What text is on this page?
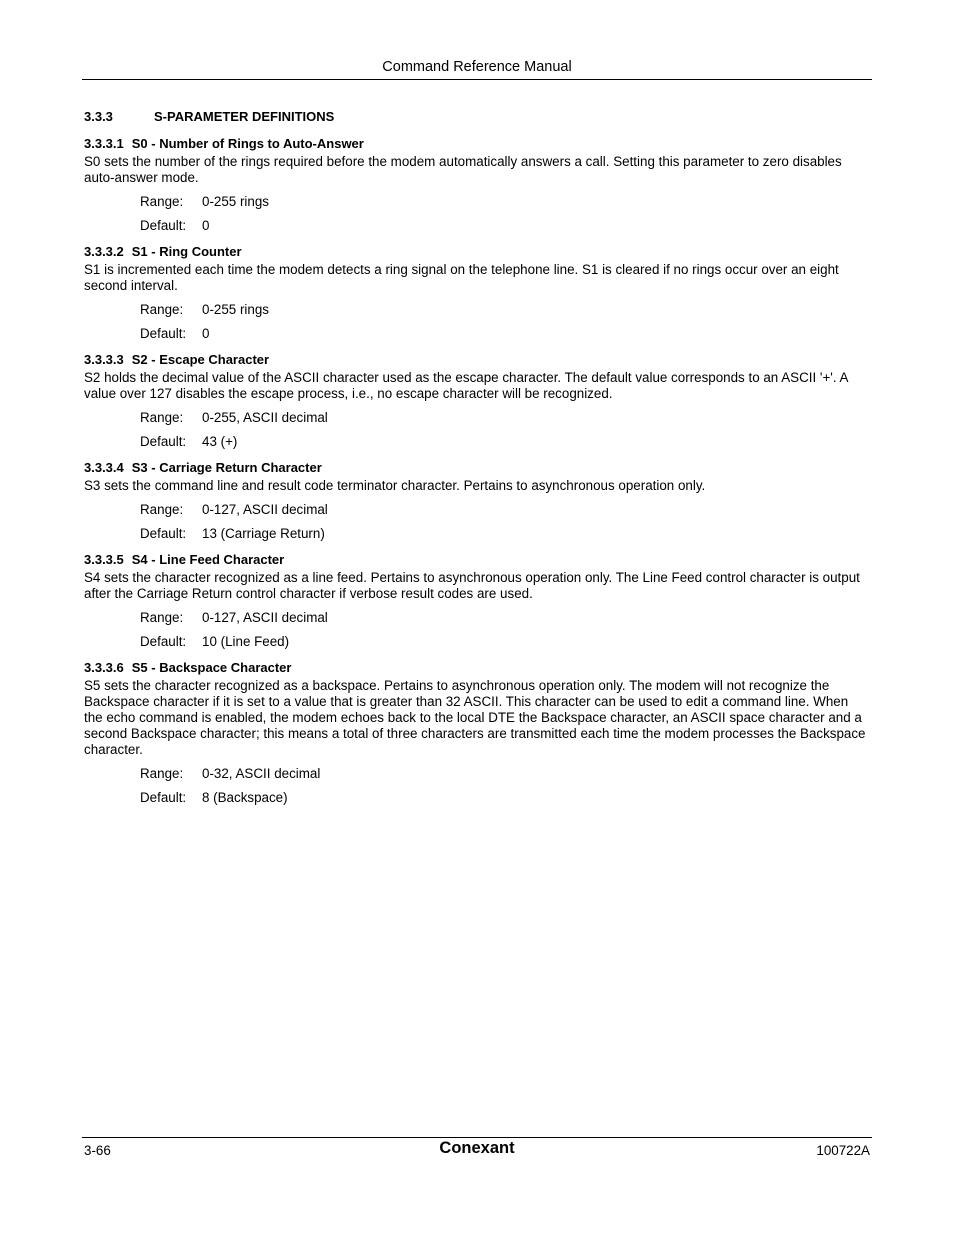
Command Reference Manual
3.3.3	S-PARAMETER DEFINITIONS
3.3.3.1 S0 - Number of Rings to Auto-Answer

S0 sets the number of the rings required before the modem automatically answers a call. Setting this parameter to zero disables auto-answer mode.

Range:	0-255 rings
Default:	0
3.3.3.2 S1 - Ring Counter

S1 is incremented each time the modem detects a ring signal on the telephone line. S1 is cleared if no rings occur over an eight second interval.

Range:	0-255 rings
Default:	0
3.3.3.3 S2 - Escape Character

S2 holds the decimal value of the ASCII character used as the escape character. The default value corresponds to an ASCII '+'. A value over 127 disables the escape process, i.e., no escape character will be recognized.

Range:	0-255, ASCII decimal
Default:	43 (+)
3.3.3.4 S3 - Carriage Return Character

S3 sets the command line and result code terminator character. Pertains to asynchronous operation only.

Range:	0-127, ASCII decimal
Default:	13 (Carriage Return)
3.3.3.5 S4 - Line Feed Character

S4 sets the character recognized as a line feed. Pertains to asynchronous operation only. The Line Feed control character is output after the Carriage Return control character if verbose result codes are used.

Range:	0-127, ASCII decimal
Default:	10 (Line Feed)
3.3.3.6 S5 - Backspace Character

S5 sets the character recognized as a backspace. Pertains to asynchronous operation only. The modem will not recognize the Backspace character if it is set to a value that is greater than 32 ASCII. This character can be used to edit a command line. When the echo command is enabled, the modem echoes back to the local DTE the Backspace character, an ASCII space character and a second Backspace character; this means a total of three characters are transmitted each time the modem processes the Backspace character.

Range:	0-32, ASCII decimal
Default:	8 (Backspace)
3-66	Conexant	100722A
